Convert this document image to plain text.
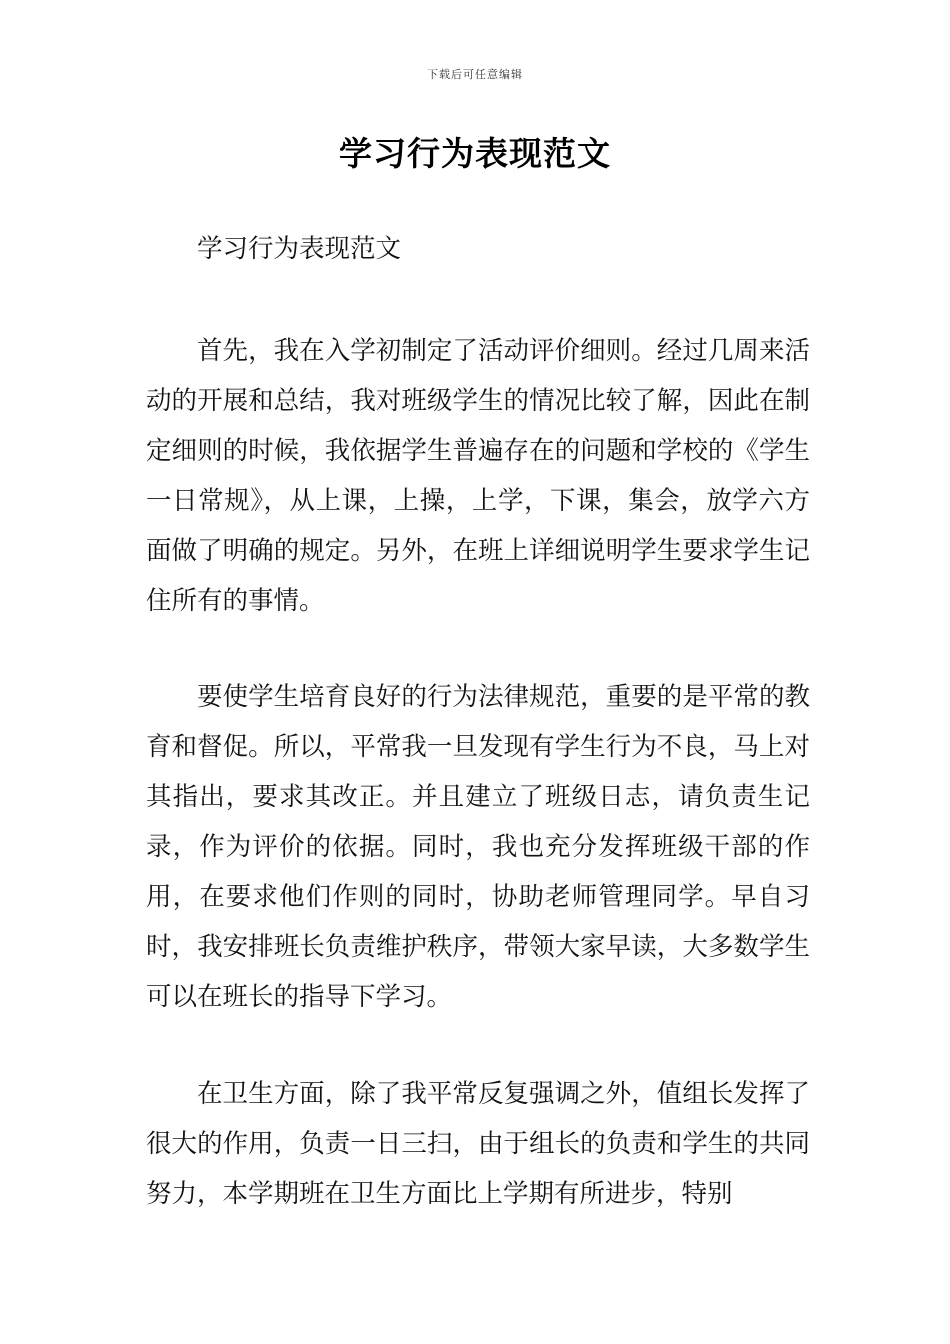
下载后可任意编辑
学习行为表现范文

学习行为表现范文

首先，我在入学初制定了活动评价细则。经过几周来活动的开展和总结，我对班级学生的情况比较了解，因此在制定细则的时候，我依据学生普遍存在的问题和学校的《学生一日常规》，从上课，上操，上学，下课，集会，放学六方面做了明确的规定。另外，在班上详细说明学生要求学生记住所有的事情。

要使学生培育良好的行为法律规范，重要的是平常的教育和督促。所以，平常我一旦发现有学生行为不良，马上对其指出，要求其改正。并且建立了班级日志，请负责生记录，作为评价的依据。同时，我也充分发挥班级干部的作用，在要求他们作则的同时，协助老师管理同学。早自习时，我安排班长负责维护秩序，带领大家早读，大多数学生可以在班长的指导下学习。

在卫生方面，除了我平常反复强调之外，值组长发挥了很大的作用，负责一日三扫，由于组长的负责和学生的共同努力，本学期班在卫生方面比上学期有所进步，特别
